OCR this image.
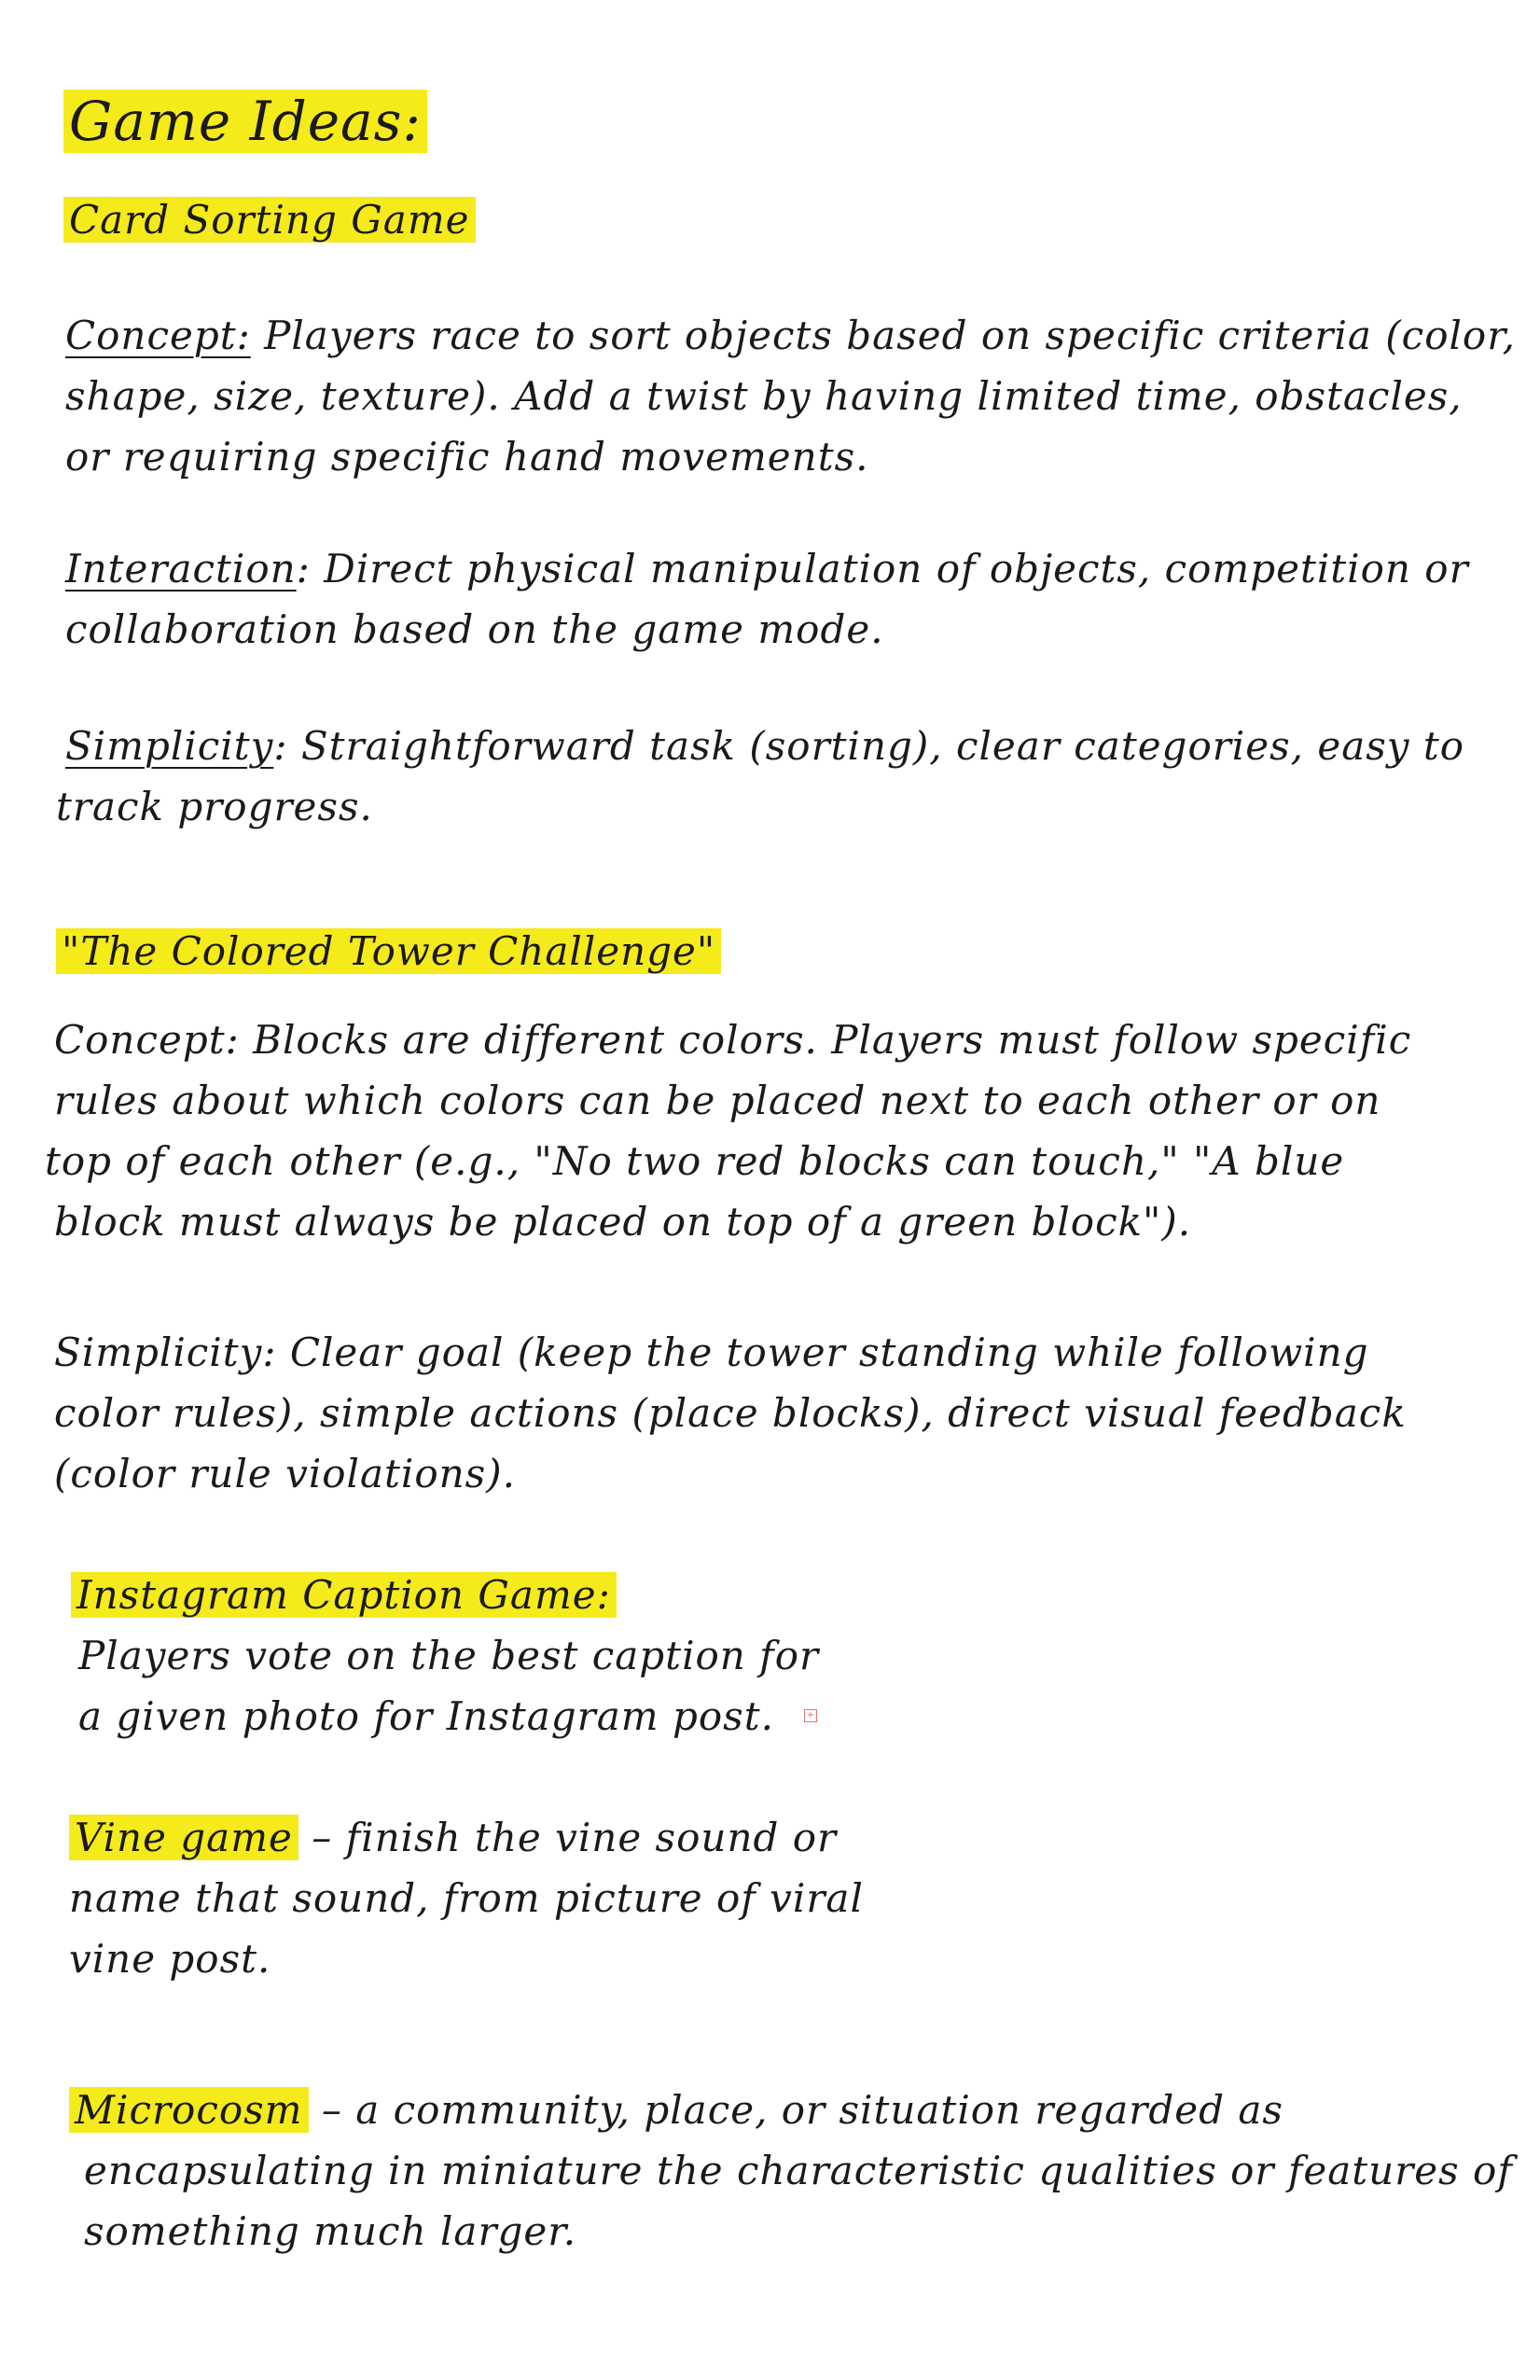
Game Ideas:
Card Sorting Game
Concept: Players race to sort objects based on specific criteria (color,
shape, size, texture). Add a twist by having limited time, obstacles,
or requiring specific hand movements.
Interaction: Direct physical manipulation of objects, competition or
collaboration based on the game mode.
Simplicity: Straightforward task (sorting), clear categories, easy to
track progress.
"The Colored Tower Challenge"
Concept: Blocks are different colors. Players must follow specific
rules about which colors can be placed next to each other or on
top of each other (e.g., "No two red blocks can touch," "A blue
block must always be placed on top of a green block").
Simplicity: Clear goal (keep the tower standing while following
color rules), simple actions (place blocks), direct visual feedback
(color rule violations).
Instagram Caption Game:
Players vote on the best caption for
a given photo for Instagram post.	+
Vine game – finish the vine sound or
name that sound, from picture of viral
vine post.
Microcosm – a community, place, or situation regarded as
encapsulating in miniature the characteristic qualities or features of
something much larger.
